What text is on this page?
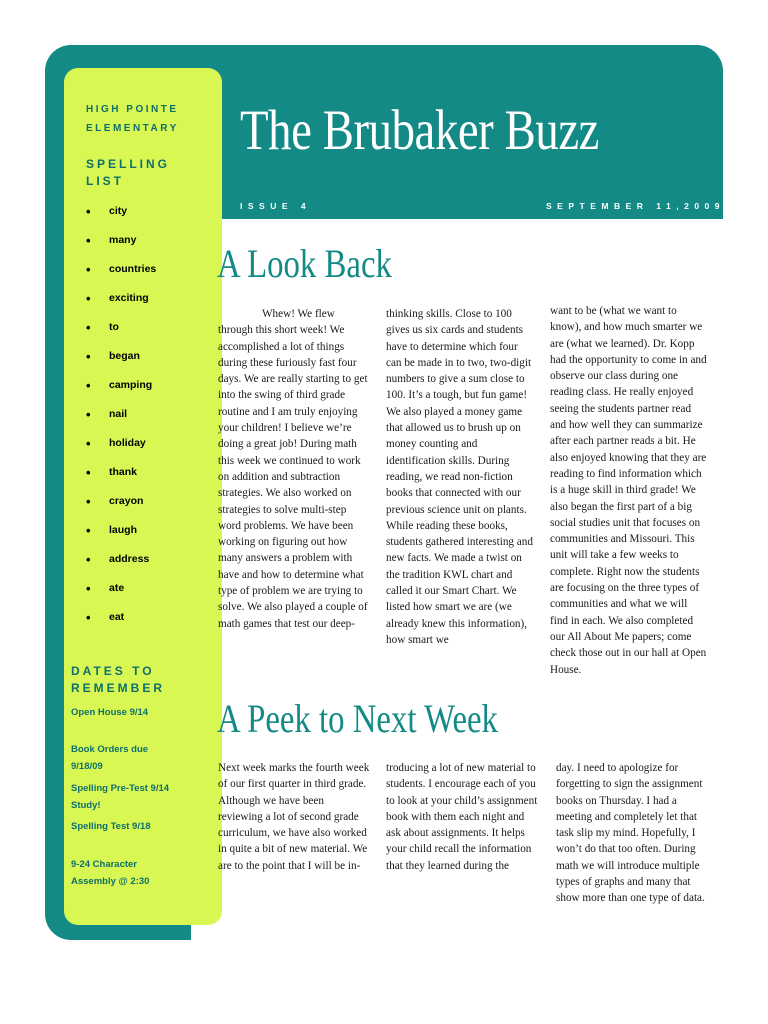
The Brubaker Buzz
ISSUE 4	SEPTEMBER 11,2009
HIGH POINTE
ELEMENTARY
SPELLING LIST
• city
• many
• countries
• exciting
• to
• began
• camping
• nail
• holiday
• thank
• crayon
• laugh
• address
• ate
• eat
DATES TO REMEMBER
Open House 9/14
Book Orders due 9/18/09
Spelling Pre-Test 9/14 Study!
Spelling Test 9/18
9-24 Character Assembly @ 2:30
A Look Back

Whew! We flew through this short week! We accomplished a lot of things during these furiously fast four days. We are really starting to get into the swing of third grade routine and I am truly enjoying your children! I believe we’re doing a great job! During math this week we continued to work on addition and subtraction strategies. We also worked on strategies to solve multi-step word problems. We have been working on figuring out how many answers a problem with have and how to determine what type of problem we are trying to solve. We also played a couple of math games that test our deep-

thinking skills. Close to 100 gives us six cards and students have to determine which four can be made in to two, two-digit numbers to give a sum close to 100. It’s a tough, but fun game! We also played a money game that allowed us to brush up on money counting and identification skills. During reading, we read non-fiction books that connected with our previous science unit on plants. While reading these books, students gathered interesting and new facts. We made a twist on the tradition KWL chart and called it our Smart Chart. We listed how smart we are (we already knew this information), how smart we

want to be (what we want to know), and how much smarter we are (what we learned). Dr. Kopp had the opportunity to come in and observe our class during one reading class. He really enjoyed seeing the students partner read and how well they can summarize after each partner reads a bit. He also enjoyed knowing that they are reading to find information which is a huge skill in third grade! We also began the first part of a big social studies unit that focuses on communities and Missouri. This unit will take a few weeks to complete. Right now the students are focusing on the three types of communities and what we will find in each. We also completed our All About Me papers; come check those out in our hall at Open House.

A Peek to Next Week

Next week marks the fourth week of our first quarter in third grade. Although we have been reviewing a lot of second grade curriculum, we have also worked in quite a bit of new material. We are to the point that I will be in-

troducing a lot of new material to students. I encourage each of you to look at your child’s assignment book with them each night and ask about assignments. It helps your child recall the information that they learned during the

day. I need to apologize for forgetting to sign the assignment books on Thursday. I had a meeting and completely let that task slip my mind. Hopefully, I won’t do that too often. During math we will introduce multiple types of graphs and many that show more than one type of data.
